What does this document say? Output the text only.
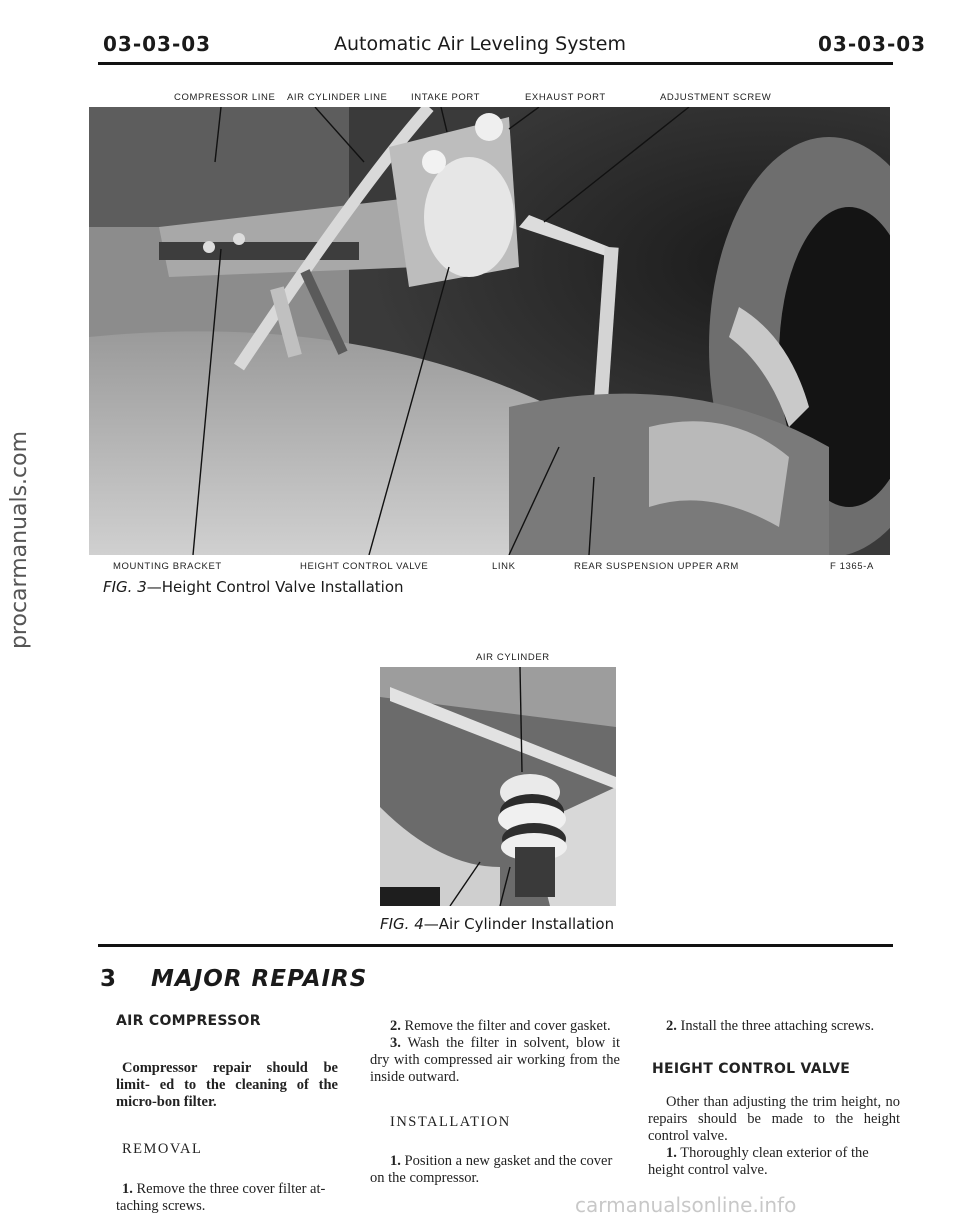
03-03-03	Automatic Air Leveling System	03-03-03
COMPRESSOR LINE AIR CYLINDER LINE INTAKE PORT	EXHAUST PORT	ADJUSTMENT SCREW
MOUNTING BRACKET	HEIGHT CONTROL VALVE	LINK	REAR SUSPENSION UPPER ARM	F 1365-A
FIG. 3—Height Control Valve Installation
AIR CYLINDER
FIG. 4—Air Cylinder Installation
3 MAJOR REPAIRS

AIR COMPRESSOR

Compressor repair should be limit- ed to the cleaning of the micro-bon filter.

REMOVAL

1. Remove the three cover filter at- taching screws.

2. Remove the filter and cover gasket.

3. Wash the filter in solvent, blow it dry with compressed air working from the inside outward.

INSTALLATION

1. Position a new gasket and the cover on the compressor.

2. Install the three attaching screws.

HEIGHT CONTROL VALVE

Other than adjusting the trim height, no repairs should be made to the height control valve.

1. Thoroughly clean exterior of the height control valve.

procarmanuals.com
carmanualsonline.info
